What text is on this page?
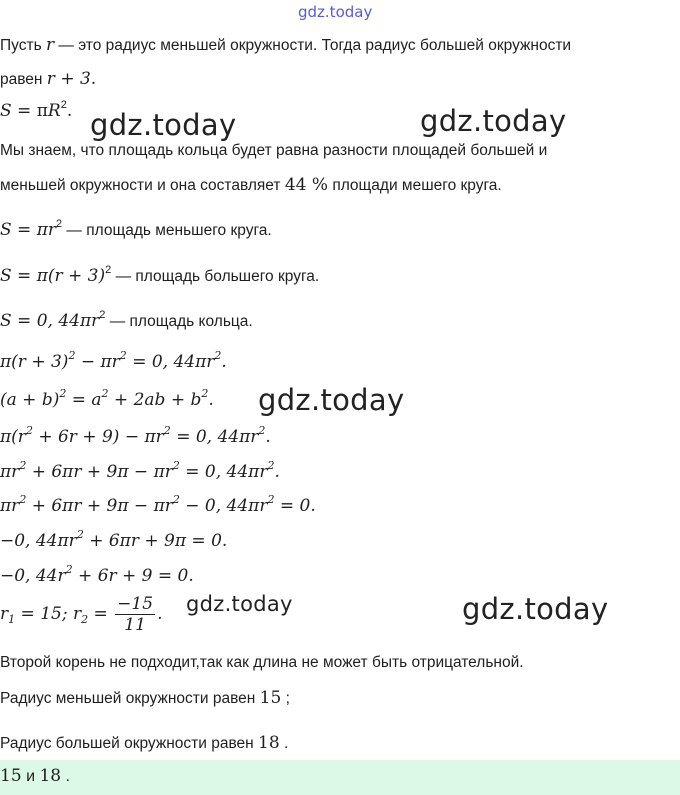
gdz.today
Пусть r — это радиус меньшей окружности. Тогда радиус большей окружности
равен r + 3.
$S = \pi R^2$. gdz.today	gdz.today
Мы знаем, что площадь кольца будет равна разности площадей большей и
меньшей окружности и она составляет 44 % площади мешего круга.
$S = \pi r^2$ — площадь меньшего круга.
$S = \pi(r + 3)^2$ — площадь большего круга.
S = 0, $44\pi r^2$ — площадь кольца.
$\pi(r + 3)^2 - \pi r^2 = 0$, $44\pi r^2$.
$(a + b)^2 = a^2 + 2ab + b^2$. gdz.today
$\pi(r^2 + 6r + 9) - \pi r^2 = 0$, $44\pi r^2$.
$\pi r^2 + 6\pi r + 9\pi - \pi r^2 = 0$, $44\pi r^2$.
$\pi r^2 + 6\pi r + 9\pi - \pi r^2 - 0$, $44\pi r^2 = 0$.
−0, $44\pi r^2 + 6\pi r + 9\pi = 0$.
−0, $44r^2 + 6r + 9 = 0$.
$r_1 = 15$; $r_2 = \frac{-15}{11}$ . gdz.today	gdz.today
Второй корень не подходит,так как длина не может быть отрицательной.
Радиус меньшей окружности равен 15 ;
Радиус большей окружности равен 18 .
15 и 18 .
